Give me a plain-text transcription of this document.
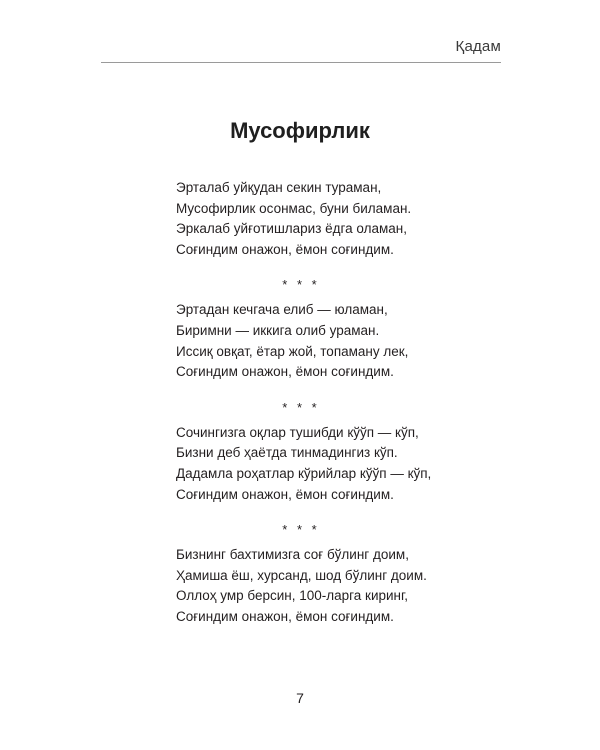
Қадам
Мусофирлик
Эрталаб уйқудан секин тураман,
Мусофирлик осонмас, буни биламан.
Эркалаб уйғотишлариз ёдга оламан,
Соғиндим онажон, ёмон соғиндим.
* * *
Эртадан кечгача елиб — юламан,
Биримни — иккига олиб ураман.
Иссиқ овқат, ётар жой, топаману лек,
Соғиндим онажон, ёмон соғиндим.
* * *
Сочингизга оқлар тушибди кўўп — кўп,
Бизни деб ҳаётда тинмадингиз кўп.
Дадамла роҳатлар кўрийлар кўўп — кўп,
Соғиндим онажон, ёмон соғиндим.
* * *
Бизнинг бахтимизга соғ бўлинг доим,
Ҳамиша ёш, хурсанд, шод бўлинг доим.
Оллоҳ умр берсин, 100-ларга киринг,
Соғиндим онажон, ёмон соғиндим.
7
